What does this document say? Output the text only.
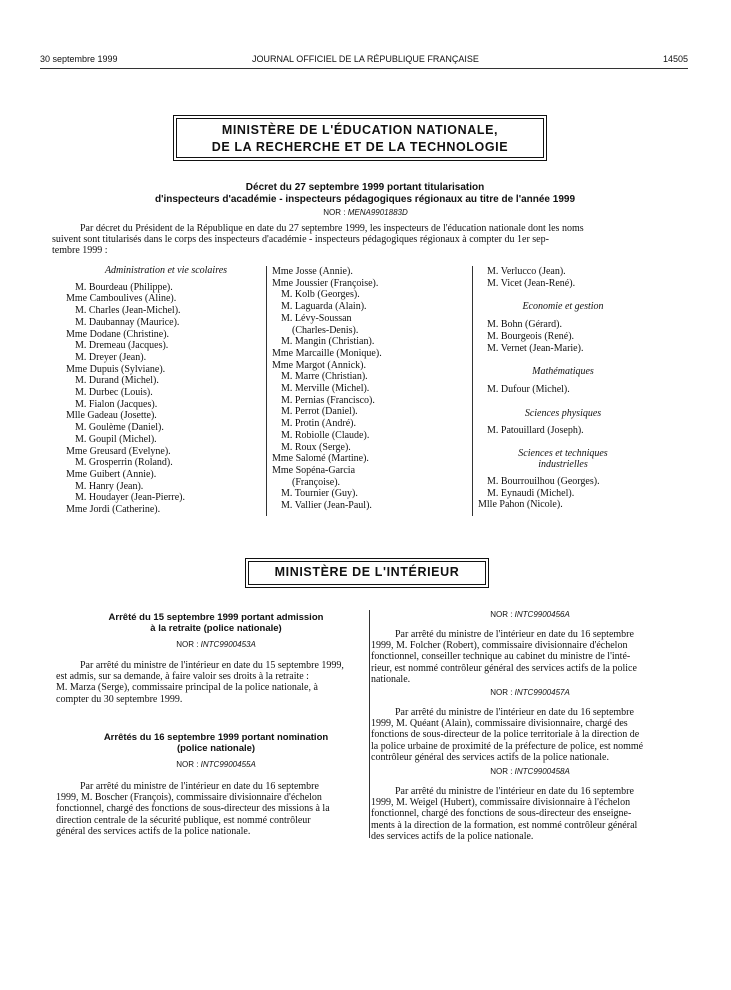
30 septembre 1999	JOURNAL OFFICIEL DE LA RÉPUBLIQUE FRANÇAISE	14505
MINISTÈRE DE L'ÉDUCATION NATIONALE,
DE LA RECHERCHE ET DE LA TECHNOLOGIE
Décret du 27 septembre 1999 portant titularisation
d'inspecteurs d'académie - inspecteurs pédagogiques régionaux au titre de l'année 1999
NOR : MENA9901883D
Par décret du Président de la République en date du 27 septembre 1999, les inspecteurs de l'éducation nationale dont les noms
suivent sont titularisés dans le corps des inspecteurs d'académie - inspecteurs pédagogiques régionaux à compter du 1er sep-
tembre 1999 :
Administration et vie scolaires
M. Bourdeau (Philippe).
Mme Camboulives (Aline).
M. Charles (Jean-Michel).
M. Daubannay (Maurice).
Mme Dodane (Christine).
M. Dremeau (Jacques).
M. Dreyer (Jean).
Mme Dupuis (Sylviane).
M. Durand (Michel).
M. Durbec (Louis).
M. Fialon (Jacques).
Mlle Gadeau (Josette).
M. Goulème (Daniel).
M. Goupil (Michel).
Mme Greusard (Evelyne).
M. Grosperrin (Roland).
Mme Guibert (Annie).
M. Hanry (Jean).
M. Houdayer (Jean-Pierre).
Mme Jordi (Catherine).
Mme Josse (Annie).
Mme Joussier (Françoise).
M. Kolb (Georges).
M. Laguarda (Alain).
M. Lévy-Soussan
(Charles-Denis).
M. Mangin (Christian).
Mme Marcaille (Monique).
Mme Margot (Annick).
M. Marre (Christian).
M. Merville (Michel).
M. Pernias (Francisco).
M. Perrot (Daniel).
M. Protin (André).
M. Robiolle (Claude).
M. Roux (Serge).
Mme Salomé (Martine).
Mme Sopéna-Garcia
(Françoise).
M. Tournier (Guy).
M. Vallier (Jean-Paul).
M. Verlucco (Jean).
M. Vicet (Jean-René).
Economie et gestion
M. Bohn (Gérard).
M. Bourgeois (René).
M. Vernet (Jean-Marie).
Mathématiques
M. Dufour (Michel).
Sciences physiques
M. Patouillard (Joseph).
Sciences et techniques
industrielles
M. Bourrouilhou (Georges).
M. Eynaudi (Michel).
Mlle Pahon (Nicole).
MINISTÈRE DE L'INTÉRIEUR
Arrêté du 15 septembre 1999 portant admission
à la retraite (police nationale)
NOR : INTC9900453A
Par arrêté du ministre de l'intérieur en date du 15 septembre 1999,
est admis, sur sa demande, à faire valoir ses droits à la retraite :
M. Marza (Serge), commissaire principal de la police nationale, à
compter du 30 septembre 1999.
Arrêtés du 16 septembre 1999 portant nomination
(police nationale)
NOR : INTC9900455A
Par arrêté du ministre de l'intérieur en date du 16 septembre
1999, M. Boscher (François), commissaire divisionnaire d'échelon
fonctionnel, chargé des fonctions de sous-directeur des missions à la
direction centrale de la sécurité publique, est nommé contrôleur
général des services actifs de la police nationale.
NOR : INTC9900456A
Par arrêté du ministre de l'intérieur en date du 16 septembre
1999, M. Folcher (Robert), commissaire divisionnaire d'échelon
fonctionnel, conseiller technique au cabinet du ministre de l'inté-
rieur, est nommé contrôleur général des services actifs de la police
nationale.
NOR : INTC9900457A
Par arrêté du ministre de l'intérieur en date du 16 septembre
1999, M. Quéant (Alain), commissaire divisionnaire, chargé des
fonctions de sous-directeur de la police territoriale à la direction de
la police urbaine de proximité de la préfecture de police, est nommé
contrôleur général des services actifs de la police nationale.
NOR : INTC9900458A
Par arrêté du ministre de l'intérieur en date du 16 septembre
1999, M. Weigel (Hubert), commissaire divisionnaire à l'échelon
fonctionnel, chargé des fonctions de sous-directeur des enseigne-
ments à la direction de la formation, est nommé contrôleur général
des services actifs de la police nationale.
